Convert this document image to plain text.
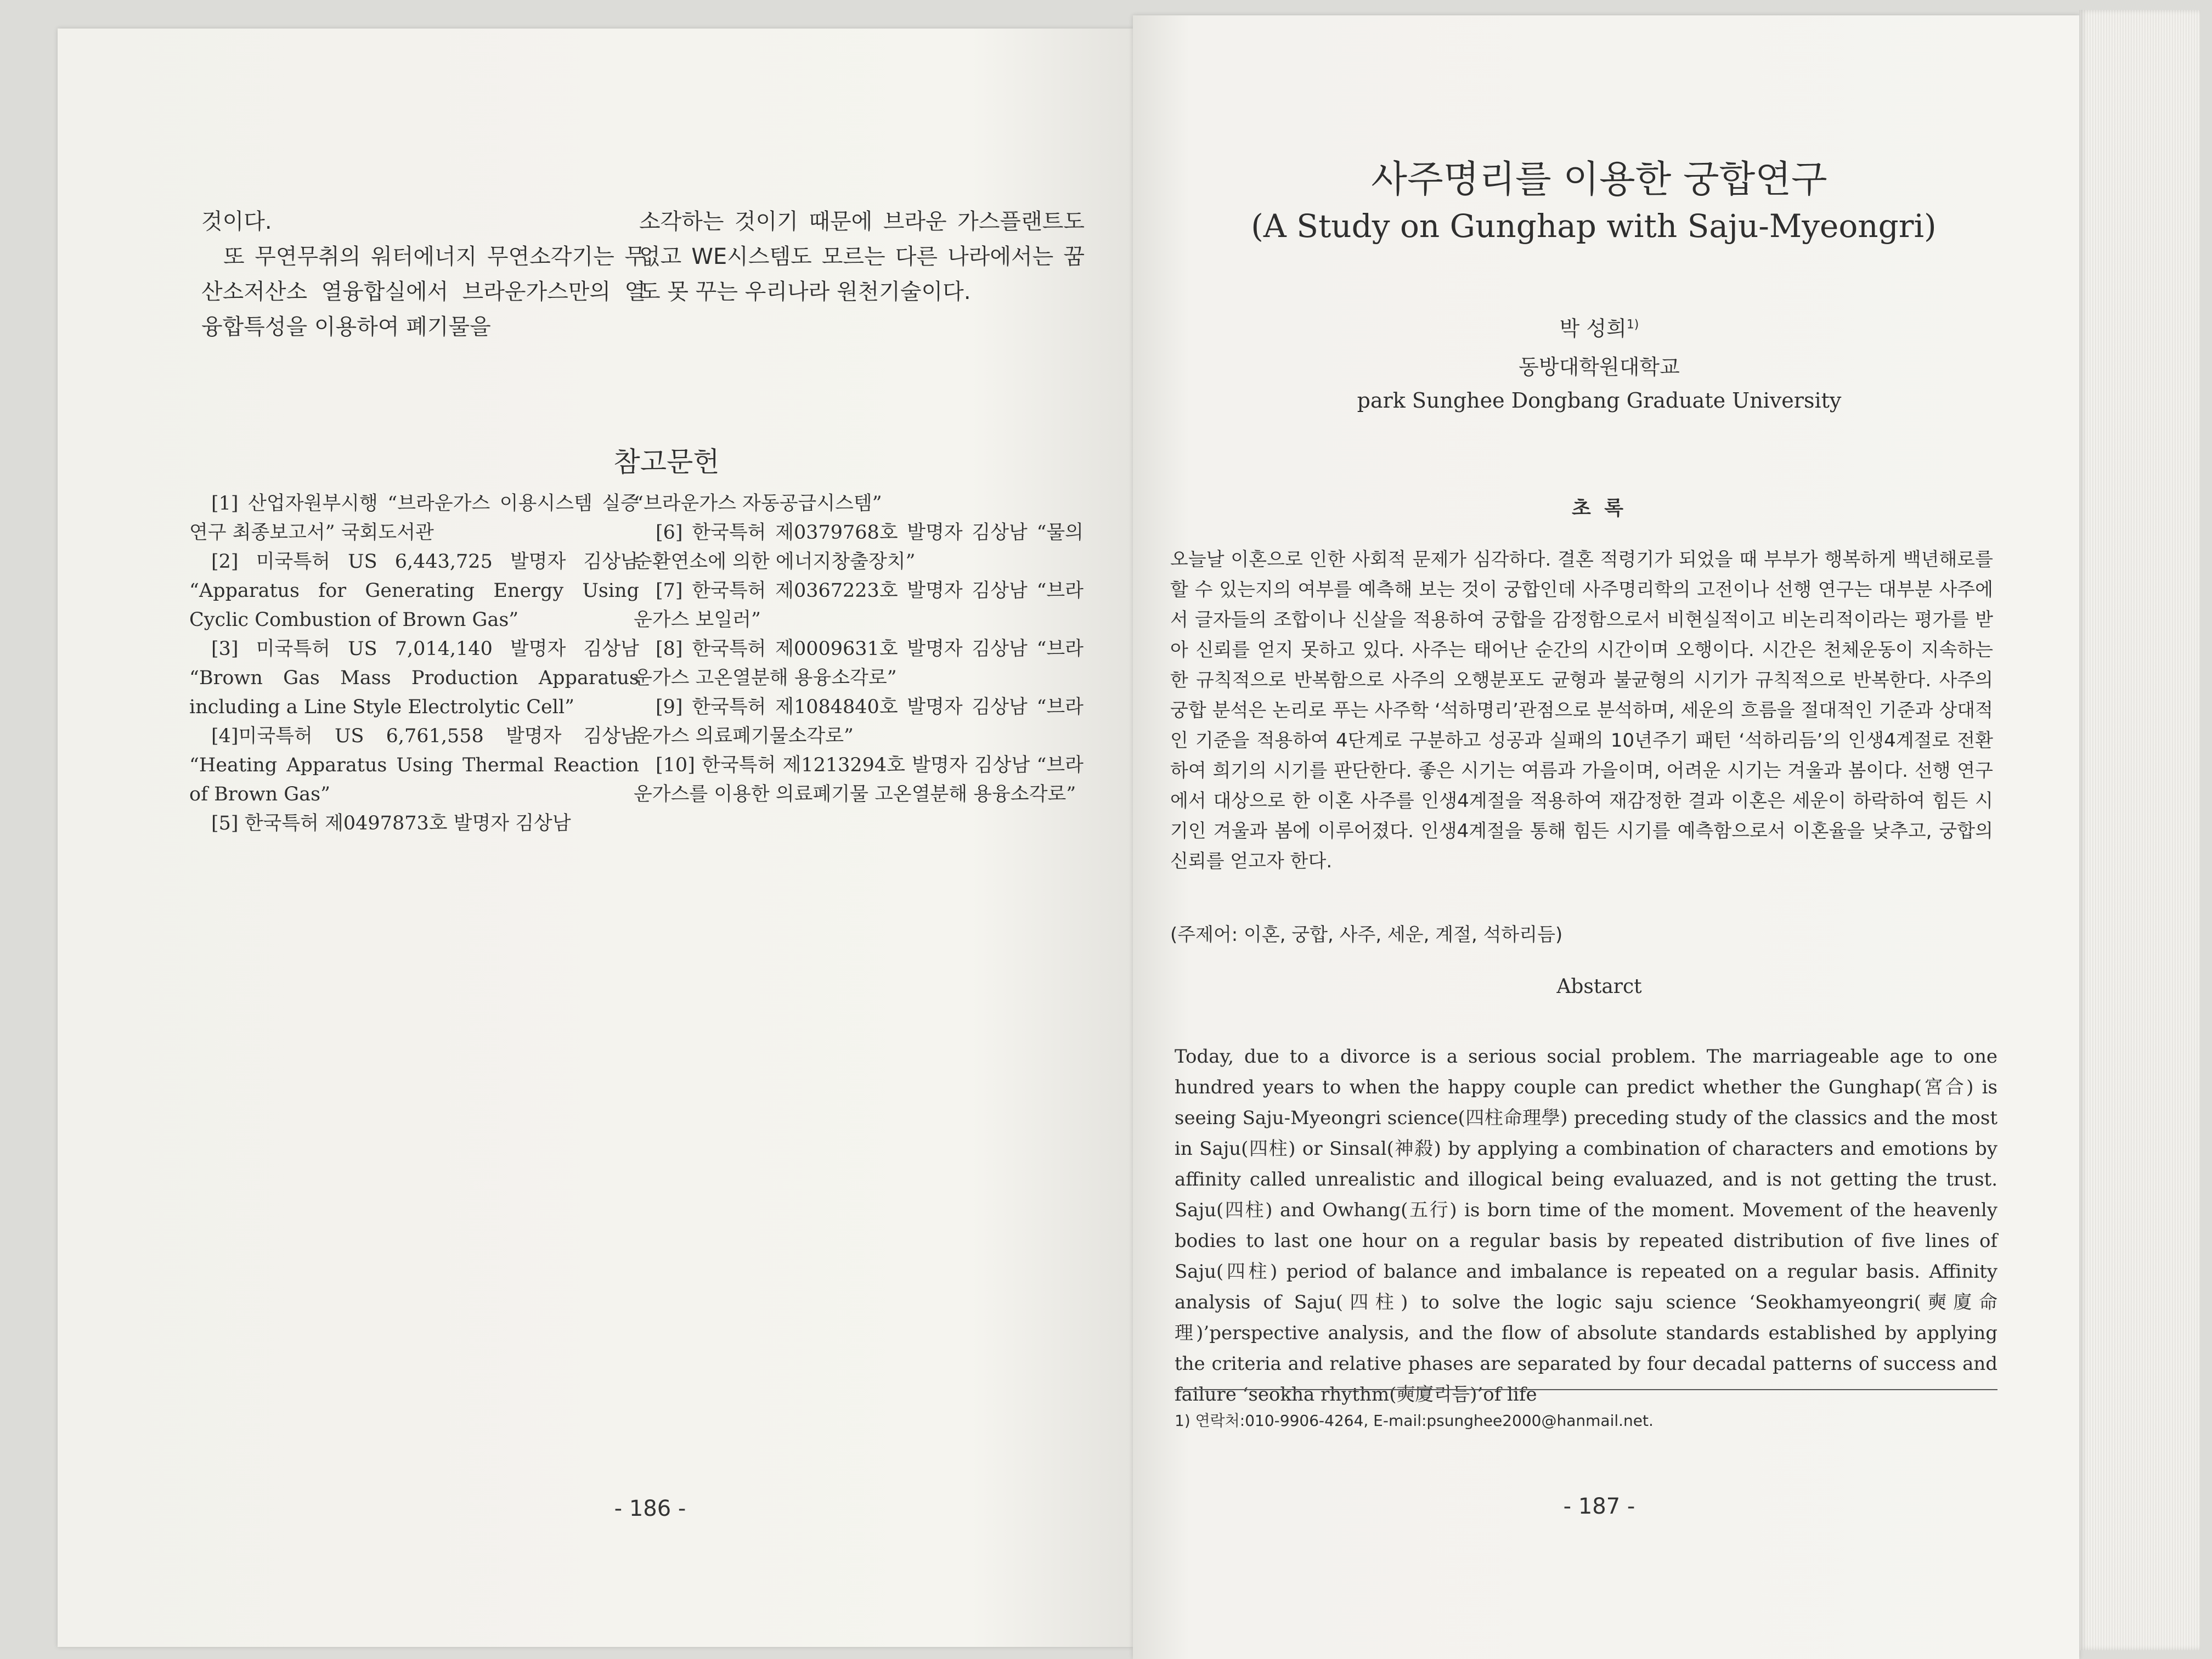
것이다.

또 무연무취의 워터에너지 무연소각기는 무산소저산소 열융합실에서 브라운가스만의 열융합특성을 이용하여 폐기물을

소각하는 것이기 때문에 브라운 가스플랜트도 없고 WE시스템도 모르는 다른 나라에서는 꿈도 못 꾸는 우리나라 원천기술이다.

참고문헌

[1] 산업자원부시행 “브라운가스 이용시스템 실증연구 최종보고서” 국회도서관

[2] 미국특허 US 6,443,725 발명자 김상남 “Apparatus for Generating Energy Using Cyclic Combustion of Brown Gas”

[3] 미국특허 US 7,014,140 발명자 김상남 “Brown Gas Mass Production Apparatus including a Line Style Electrolytic Cell”

[4]미국특허 US 6,761,558 발명자 김상남 “Heating Apparatus Using Thermal Reaction of Brown Gas”

[5] 한국특허 제0497873호 발명자 김상남

“브라운가스 자동공급시스템”

[6] 한국특허 제0379768호 발명자 김상남 “물의 순환연소에 의한 에너지창출장치”

[7] 한국특허 제0367223호 발명자 김상남 “브라운가스 보일러”

[8] 한국특허 제0009631호 발명자 김상남 “브라운가스 고온열분해 용융소각로”

[9] 한국특허 제1084840호 발명자 김상남 “브라운가스 의료폐기물소각로”

[10] 한국특허 제1213294호 발명자 김상남 “브라운가스를 이용한 의료폐기물 고온열분해 용융소각로”

- 186 -
사주명리를 이용한 궁합연구
(A Study on Gunghap with Saju-Myeongri)
박 성희$^{1)}$
동방대학원대학교
park Sunghee Dongbang Graduate University
초 록
오늘날 이혼으로 인한 사회적 문제가 심각하다. 결혼 적령기가 되었을 때 부부가 행복하게 백년해로를 할 수 있는지의 여부를 예측해 보는 것이 궁합인데 사주명리학의 고전이나 선행 연구는 대부분 사주에서 글자들의 조합이나 신살을 적용하여 궁합을 감정함으로서 비현실적이고 비논리적이라는 평가를 받아 신뢰를 얻지 못하고 있다. 사주는 태어난 순간의 시간이며 오행이다. 시간은 천체운동이 지속하는 한 규칙적으로 반복함으로 사주의 오행분포도 균형과 불균형의 시기가 규칙적으로 반복한다. 사주의 궁합 분석은 논리로 푸는 사주학 ‘석하명리’관점으로 분석하며, 세운의 흐름을 절대적인 기준과 상대적인 기준을 적용하여 4단계로 구분하고 성공과 실패의 10년주기 패턴 ‘석하리듬’의 인생4계절로 전환하여 희기의 시기를 판단한다. 좋은 시기는 여름과 가을이며, 어려운 시기는 겨울과 봄이다. 선행 연구에서 대상으로 한 이혼 사주를 인생4계절을 적용하여 재감정한 결과 이혼은 세운이 하락하여 힘든 시기인 겨울과 봄에 이루어졌다. 인생4계절을 통해 힘든 시기를 예측함으로서 이혼율을 낮추고, 궁합의 신뢰를 얻고자 한다.
(주제어: 이혼, 궁합, 사주, 세운, 계절, 석하리듬)
Abstarct
Today, due to a divorce is a serious social problem. The marriageable age to one hundred years to when the happy couple can predict whether the Gunghap(宮合) is seeing Saju-Myeongri science(四柱命理學) preceding study of the classics and the most in Saju(四柱) or Sinsal(神殺) by applying a combination of characters and emotions by affinity called unrealistic and illogical being evaluazed, and is not getting the trust. Saju(四柱) and Owhang(五行) is born time of the moment. Movement of the heavenly bodies to last one hour on a regular basis by repeated distribution of five lines of Saju(四柱) period of balance and imbalance is repeated on a regular basis. Affinity analysis of Saju(四柱) to solve the logic saju science ‘Seokhamyeongri(奭廈命理)’perspective analysis, and the flow of absolute standards established by applying the criteria and relative phases are separated by four decadal patterns of success and failure ‘seokha rhythm(奭廈리듬)’of life
1) 연락처:010-9906-4264, E-mail:psunghee2000@hanmail.net.
- 187 -
